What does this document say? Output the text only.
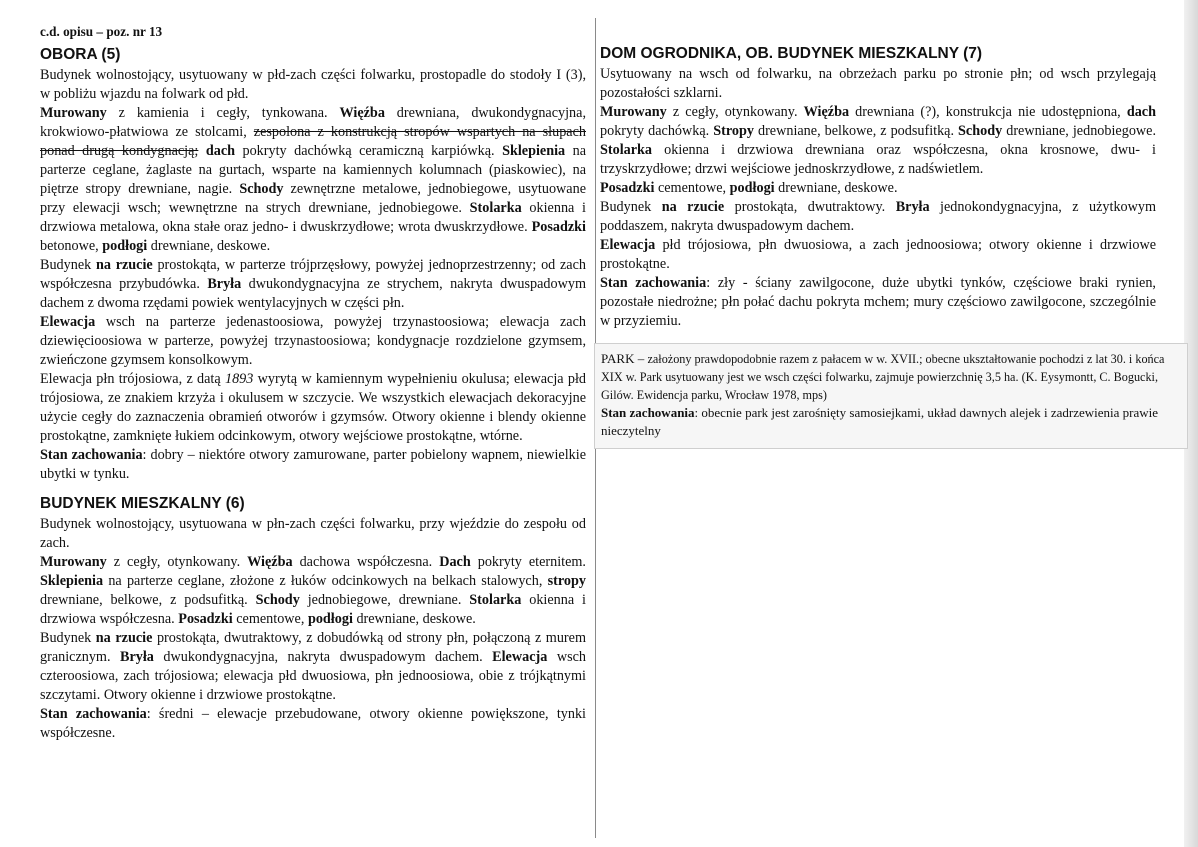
c.d. opisu – poz. nr 13
OBORA (5)

Budynek wolnostojący, usytuowany w płd-zach części folwarku, prostopadle do stodoły I (3), w pobliżu wjazdu na folwark od płd.

Murowany z kamienia i cegły, tynkowana. Więźba drewniana, dwukondygnacyjna, krokwiowo-płatwiowa ze stolcami, zespolona z konstrukcją stropów wspartych na słupach ponad drugą kondygnacją; dach pokryty dachówką ceramiczną karpiówką. Sklepienia na parterze ceglane, żaglaste na gurtach, wsparte na kamiennych kolumnach (piaskowiec), na piętrze stropy drewniane, nagie. Schody zewnętrzne metalowe, jednobiegowe, usytuowane przy elewacji wsch; wewnętrzne na strych drewniane, jednobiegowe. Stolarka okienna i drzwiowa metalowa, okna stałe oraz jedno- i dwuskrzydłowe; wrota dwuskrzydłowe. Posadzki betonowe, podłogi drewniane, deskowe.

Budynek na rzucie prostokąta, w parterze trójprzęsłowy, powyżej jednoprzestrzenny; od zach współczesna przybudówka. Bryła dwukondygnacyjna ze strychem, nakryta dwuspadowym dachem z dwoma rzędami powiek wentylacyjnych w części płn.

Elewacja wsch na parterze jedenastoosiowa, powyżej trzynastoosiowa; elewacja zach dziewięcioosiowa w parterze, powyżej trzynastoosiowa; kondygnacje rozdzielone gzymsem, zwieńczone gzymsem konsolkowym.

Elewacja płn trójosiowa, z datą 1893 wyrytą w kamiennym wypełnieniu okulusa; elewacja płd trójosiowa, ze znakiem krzyża i okulusem w szczycie. We wszystkich elewacjach dekoracyjne użycie cegły do zaznaczenia obramień otworów i gzymsów. Otwory okienne i blendy okienne prostokątne, zamknięte łukiem odcinkowym, otwory wejściowe prostokątne, wtórne.

Stan zachowania: dobry – niektóre otwory zamurowane, parter pobielony wapnem, niewielkie ubytki w tynku.

BUDYNEK MIESZKALNY (6)

Budynek wolnostojący, usytuowana w płn-zach części folwarku, przy wjeździe do zespołu od zach.

Murowany z cegły, otynkowany. Więźba dachowa współczesna. Dach pokryty eternitem. Sklepienia na parterze ceglane, złożone z łuków odcinkowych na belkach stalowych, stropy drewniane, belkowe, z podsufitką. Schody jednobiegowe, drewniane. Stolarka okienna i drzwiowa współczesna. Posadzki cementowe, podłogi drewniane, deskowe.

Budynek na rzucie prostokąta, dwutraktowy, z dobudówką od strony płn, połączoną z murem granicznym. Bryła dwukondygnacyjna, nakryta dwuspadowym dachem. Elewacja wsch czteroosiowa, zach trójosiowa; elewacja płd dwuosiowa, płn jednoosiowa, obie z trójkątnymi szczytami. Otwory okienne i drzwiowe prostokątne.

Stan zachowania: średni – elewacje przebudowane, otwory okienne powiększone, tynki współczesne.

DOM OGRODNIKA, OB. BUDYNEK MIESZKALNY (7)

Usytuowany na wsch od folwarku, na obrzeżach parku po stronie płn; od wsch przylegają pozostałości szklarni.

Murowany z cegły, otynkowany. Więźba drewniana (?), konstrukcja nie udostępniona, dach pokryty dachówką. Stropy drewniane, belkowe, z podsufitką. Schody drewniane, jednobiegowe. Stolarka okienna i drzwiowa drewniana oraz współczesna, okna krosnowe, dwu- i trzyskrzydłowe; drzwi wejściowe jednoskrzydłowe, z nadświetlem.

Posadzki cementowe, podłogi drewniane, deskowe.

Budynek na rzucie prostokąta, dwutraktowy. Bryła jednokondygnacyjna, z użytkowym poddaszem, nakryta dwuspadowym dachem.

Elewacja płd trójosiowa, płn dwuosiowa, a zach jednoosiowa; otwory okienne i drzwiowe prostokątne.

Stan zachowania: zły - ściany zawilgocone, duże ubytki tynków, częściowe braki rynien, pozostałe niedrożne; płn połać dachu pokryta mchem; mury częściowo zawilgocone, szczególnie w przyziemiu.

PARK – założony prawdopodobnie razem z pałacem w w. XVII.; obecne ukształtowanie pochodzi z lat 30. i końca XIX w. Park usytuowany jest we wsch części folwarku, zajmuje powierzchnię 3,5 ha. (K. Eysymontt, C. Bogucki, Gilów. Ewidencja parku, Wrocław 1978, mps)

Stan zachowania: obecnie park jest zarośnięty samosiejkami, układ dawnych alejek i zadrzewienia prawie nieczytelny
